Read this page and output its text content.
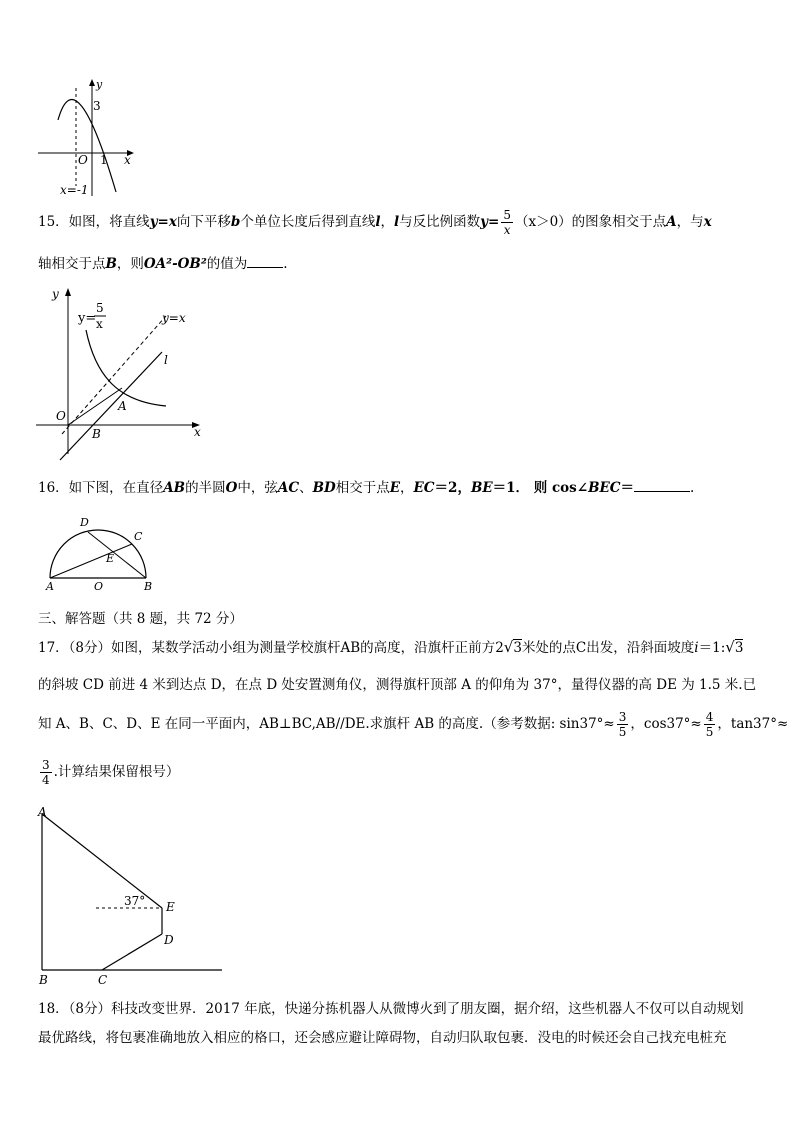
y
3
O 1 x
x=-1
15．如图，将直线y=x向下平移b个单位长度后得到直线l，l与反比例函数$y= \frac{5}{x} (x>0)$的图象相交于点A，与x
轴相交于点B，则OA²-OB²的值为	.
y
y=
5
x	y=x
l
O
A
B	x
16．如下图，在直径AB的半圆O中，弦AC、BD相交于点E，EC＝2，BE＝1． 则 cos∠BEC＝	.
D
C
E
A	O	B
三、解答题（共 8 题，共 72 分）
17．（8分）如图，某数学活动小组为测量学校旗杆AB的高度，沿旗杆正前方2√3米处的点C出发，沿斜面坡度i＝1:√3
的斜坡 CD 前进 4 米到达点 D，在点 D 处安置测角仪，测得旗杆顶部 A 的仰角为 37°，量得仪器的高 DE 为 1.5 米.已
知 A、B、C、D、E 在同一平面内，AB⊥BC,AB//DE.求旗杆 AB 的高度.（参考数据: $\sin 37^\circ\approx \frac{3}{5}$ ，$\cos 37^\circ\approx \frac{4}{5}$ ，tan37°≈
$\frac{3}{4}$ .计算结果保留根号）
A
37° E
D
B	C
18．（8分）科技改变世界．2017 年底，快递分拣机器人从微博火到了朋友圈，据介绍，这些机器人不仅可以自动规划
最优路线，将包裹准确地放入相应的格口，还会感应避让障碍物，自动归队取包裹．没电的时候还会自己找充电桩充
